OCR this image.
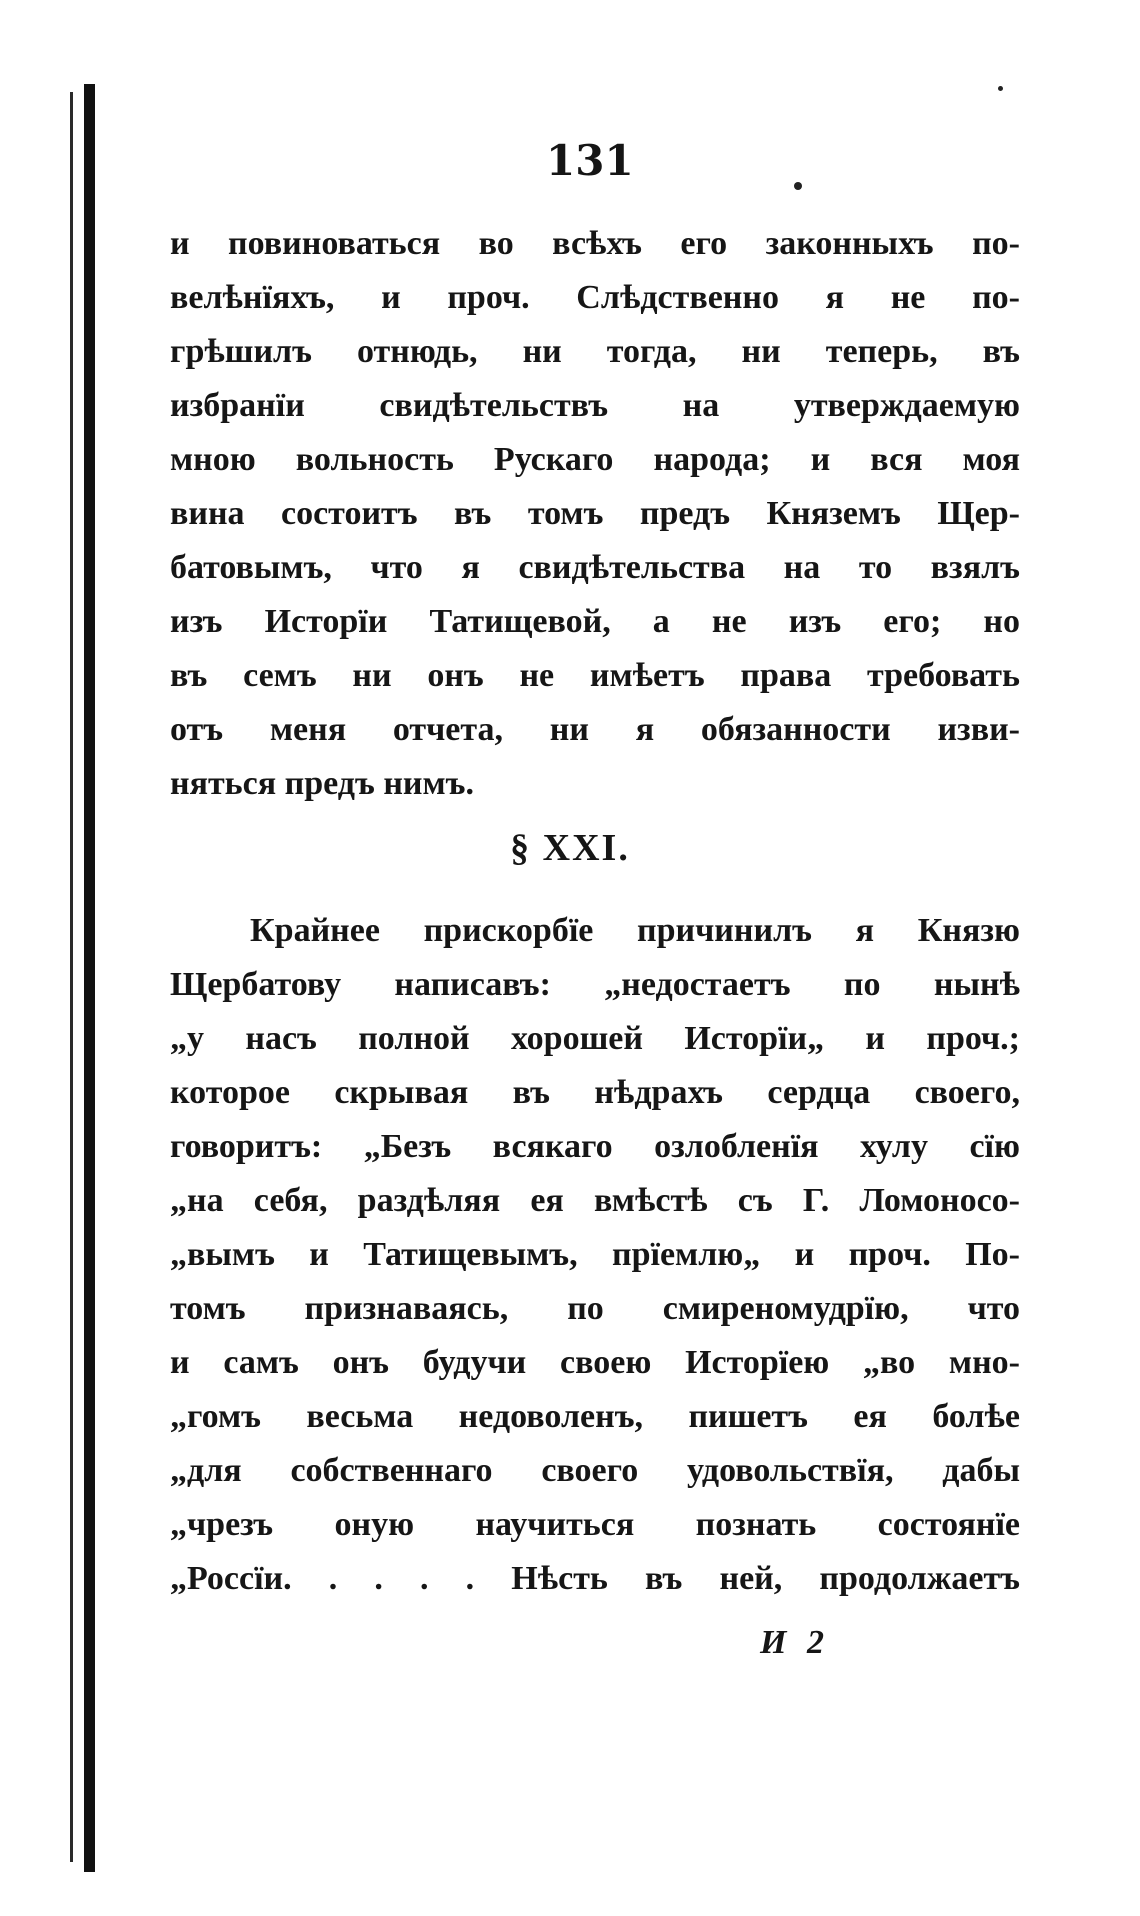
131
и повиноваться во всѣхъ его законныхъ по-
велѣнїяхъ, и проч. Слѣдственно я не по-
грѣшилъ отнюдь, ни тогда, ни теперь, въ
избранїи свидѣтельствъ на утверждаемую
мною вольность Рускаго народа; и вся моя
вина состоитъ въ томъ предъ Княземъ Щер-
батовымъ, что я свидѣтельства на то взялъ
изъ Исторїи Татищевой, а не изъ его; но
въ семъ ни онъ не имѣетъ права требовать
отъ меня отчета, ни я обязанности изви-
няться предъ нимъ.
§ XXI.
Крайнее прискорбїе причинилъ я Князю
Щербатову написавъ: „недостаетъ по нынѣ
„у насъ полной хорошей Исторїи„ и проч.;
которое скрывая въ нѣдрахъ сердца своего,
говоритъ: „Безъ всякаго озлобленїя хулу сїю
„на себя, раздѣляя ея вмѣстѣ съ Г. Ломоносо-
„вымъ и Татищевымъ, прїемлю„ и проч. По-
томъ признаваясь, по смиреномудрїю, что
и самъ онъ будучи своею Исторїею „во мно-
„гомъ весьма недоволенъ, пишетъ ея болѣе
„для собственнаго своего удовольствїя, дабы
„чрезъ оную научиться познать состоянїе
„Россїи. . . . . Нѣсть въ ней, продолжаетъ
И 2
